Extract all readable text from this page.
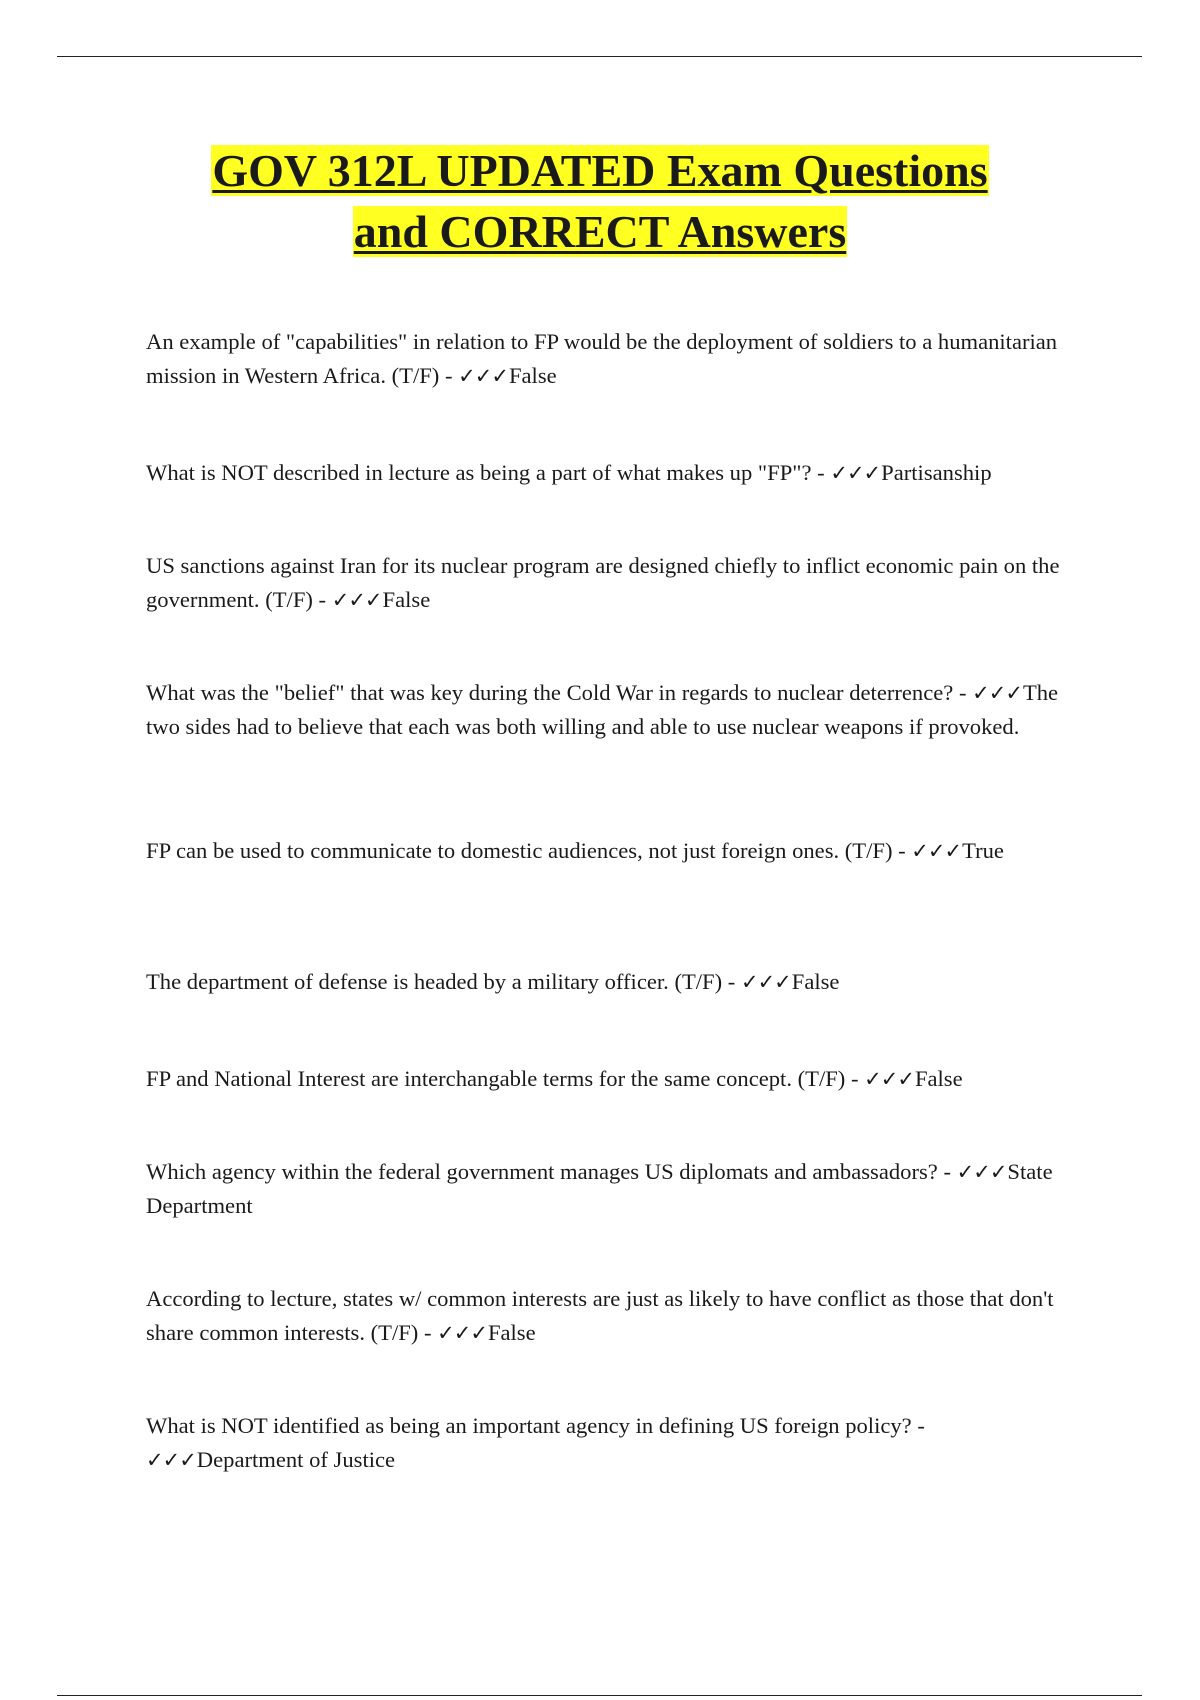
GOV 312L UPDATED Exam Questions
and CORRECT Answers

An example of "capabilities" in relation to FP would be the deployment of soldiers to a humanitarian mission in Western Africa. (T/F) - ✓✓✓False

What is NOT described in lecture as being a part of what makes up "FP"? - ✓✓✓Partisanship

US sanctions against Iran for its nuclear program are designed chiefly to inflict economic pain on the government. (T/F) - ✓✓✓False

What was the "belief" that was key during the Cold War in regards to nuclear deterrence? - ✓✓✓The two sides had to believe that each was both willing and able to use nuclear weapons if provoked.

FP can be used to communicate to domestic audiences, not just foreign ones. (T/F) - ✓✓✓True

The department of defense is headed by a military officer. (T/F) - ✓✓✓False

FP and National Interest are interchangable terms for the same concept. (T/F) - ✓✓✓False

Which agency within the federal government manages US diplomats and ambassadors? - ✓✓✓State Department

According to lecture, states w/ common interests are just as likely to have conflict as those that don't share common interests. (T/F) - ✓✓✓False

What is NOT identified as being an important agency in defining US foreign policy? - ✓✓✓Department of Justice
